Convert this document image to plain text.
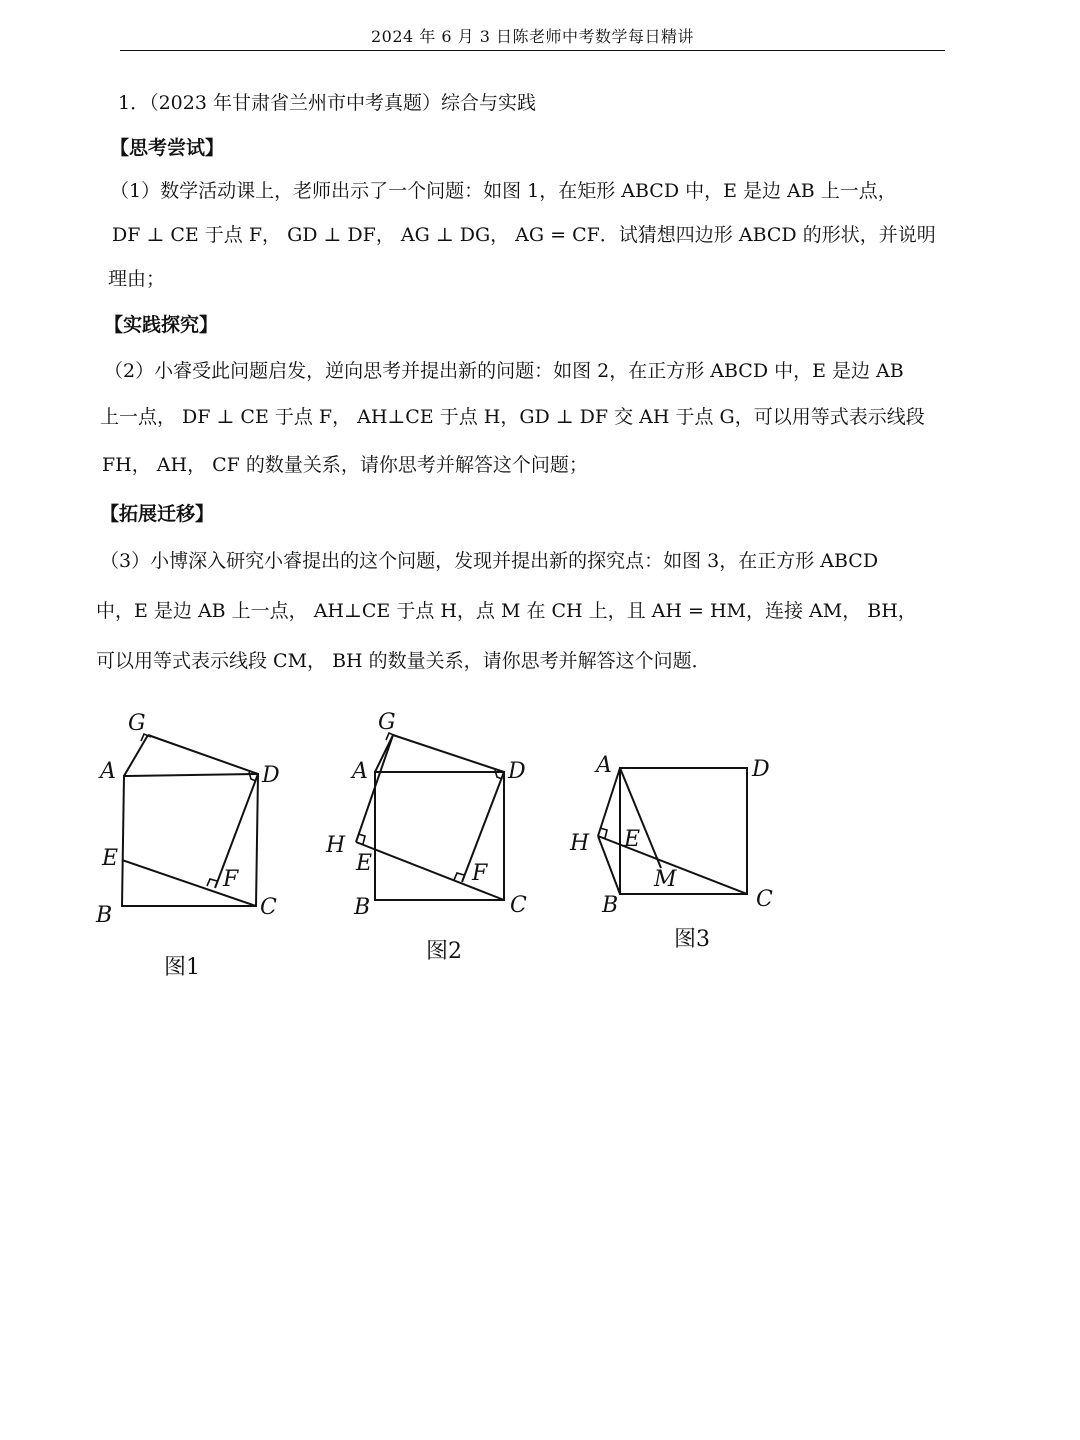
2024 年 6 月 3 日陈老师中考数学每日精讲
1．（2023 年甘肃省兰州市中考真题）综合与实践
【思考尝试】
（1）数学活动课上，老师出示了一个问题：如图 1，在矩形 ABCD 中，E 是边 AB 上一点，
DF ⊥ CE 于点 F， GD ⊥ DF， AG ⊥ DG， AG = CF．试猜想四边形 ABCD 的形状，并说明
理由；
【实践探究】
（2）小睿受此问题启发，逆向思考并提出新的问题：如图 2，在正方形 ABCD 中，E 是边 AB
上一点， DF ⊥ CE 于点 F， AH⊥CE 于点 H，GD ⊥ DF 交 AH 于点 G，可以用等式表示线段
FH， AH， CF 的数量关系，请你思考并解答这个问题；
【拓展迁移】
（3）小博深入研究小睿提出的这个问题，发现并提出新的探究点：如图 3，在正方形 ABCD
中，E 是边 AB 上一点， AH⊥CE 于点 H，点 M 在 CH 上，且 AH = HM，连接 AM， BH，
可以用等式表示线段 CM， BH 的数量关系，请你思考并解答这个问题．
G
A	D
E
F
B	C
图1
G
A	D
H
E	F
B	C
图2
A	D
H E
M
B	C
图3
